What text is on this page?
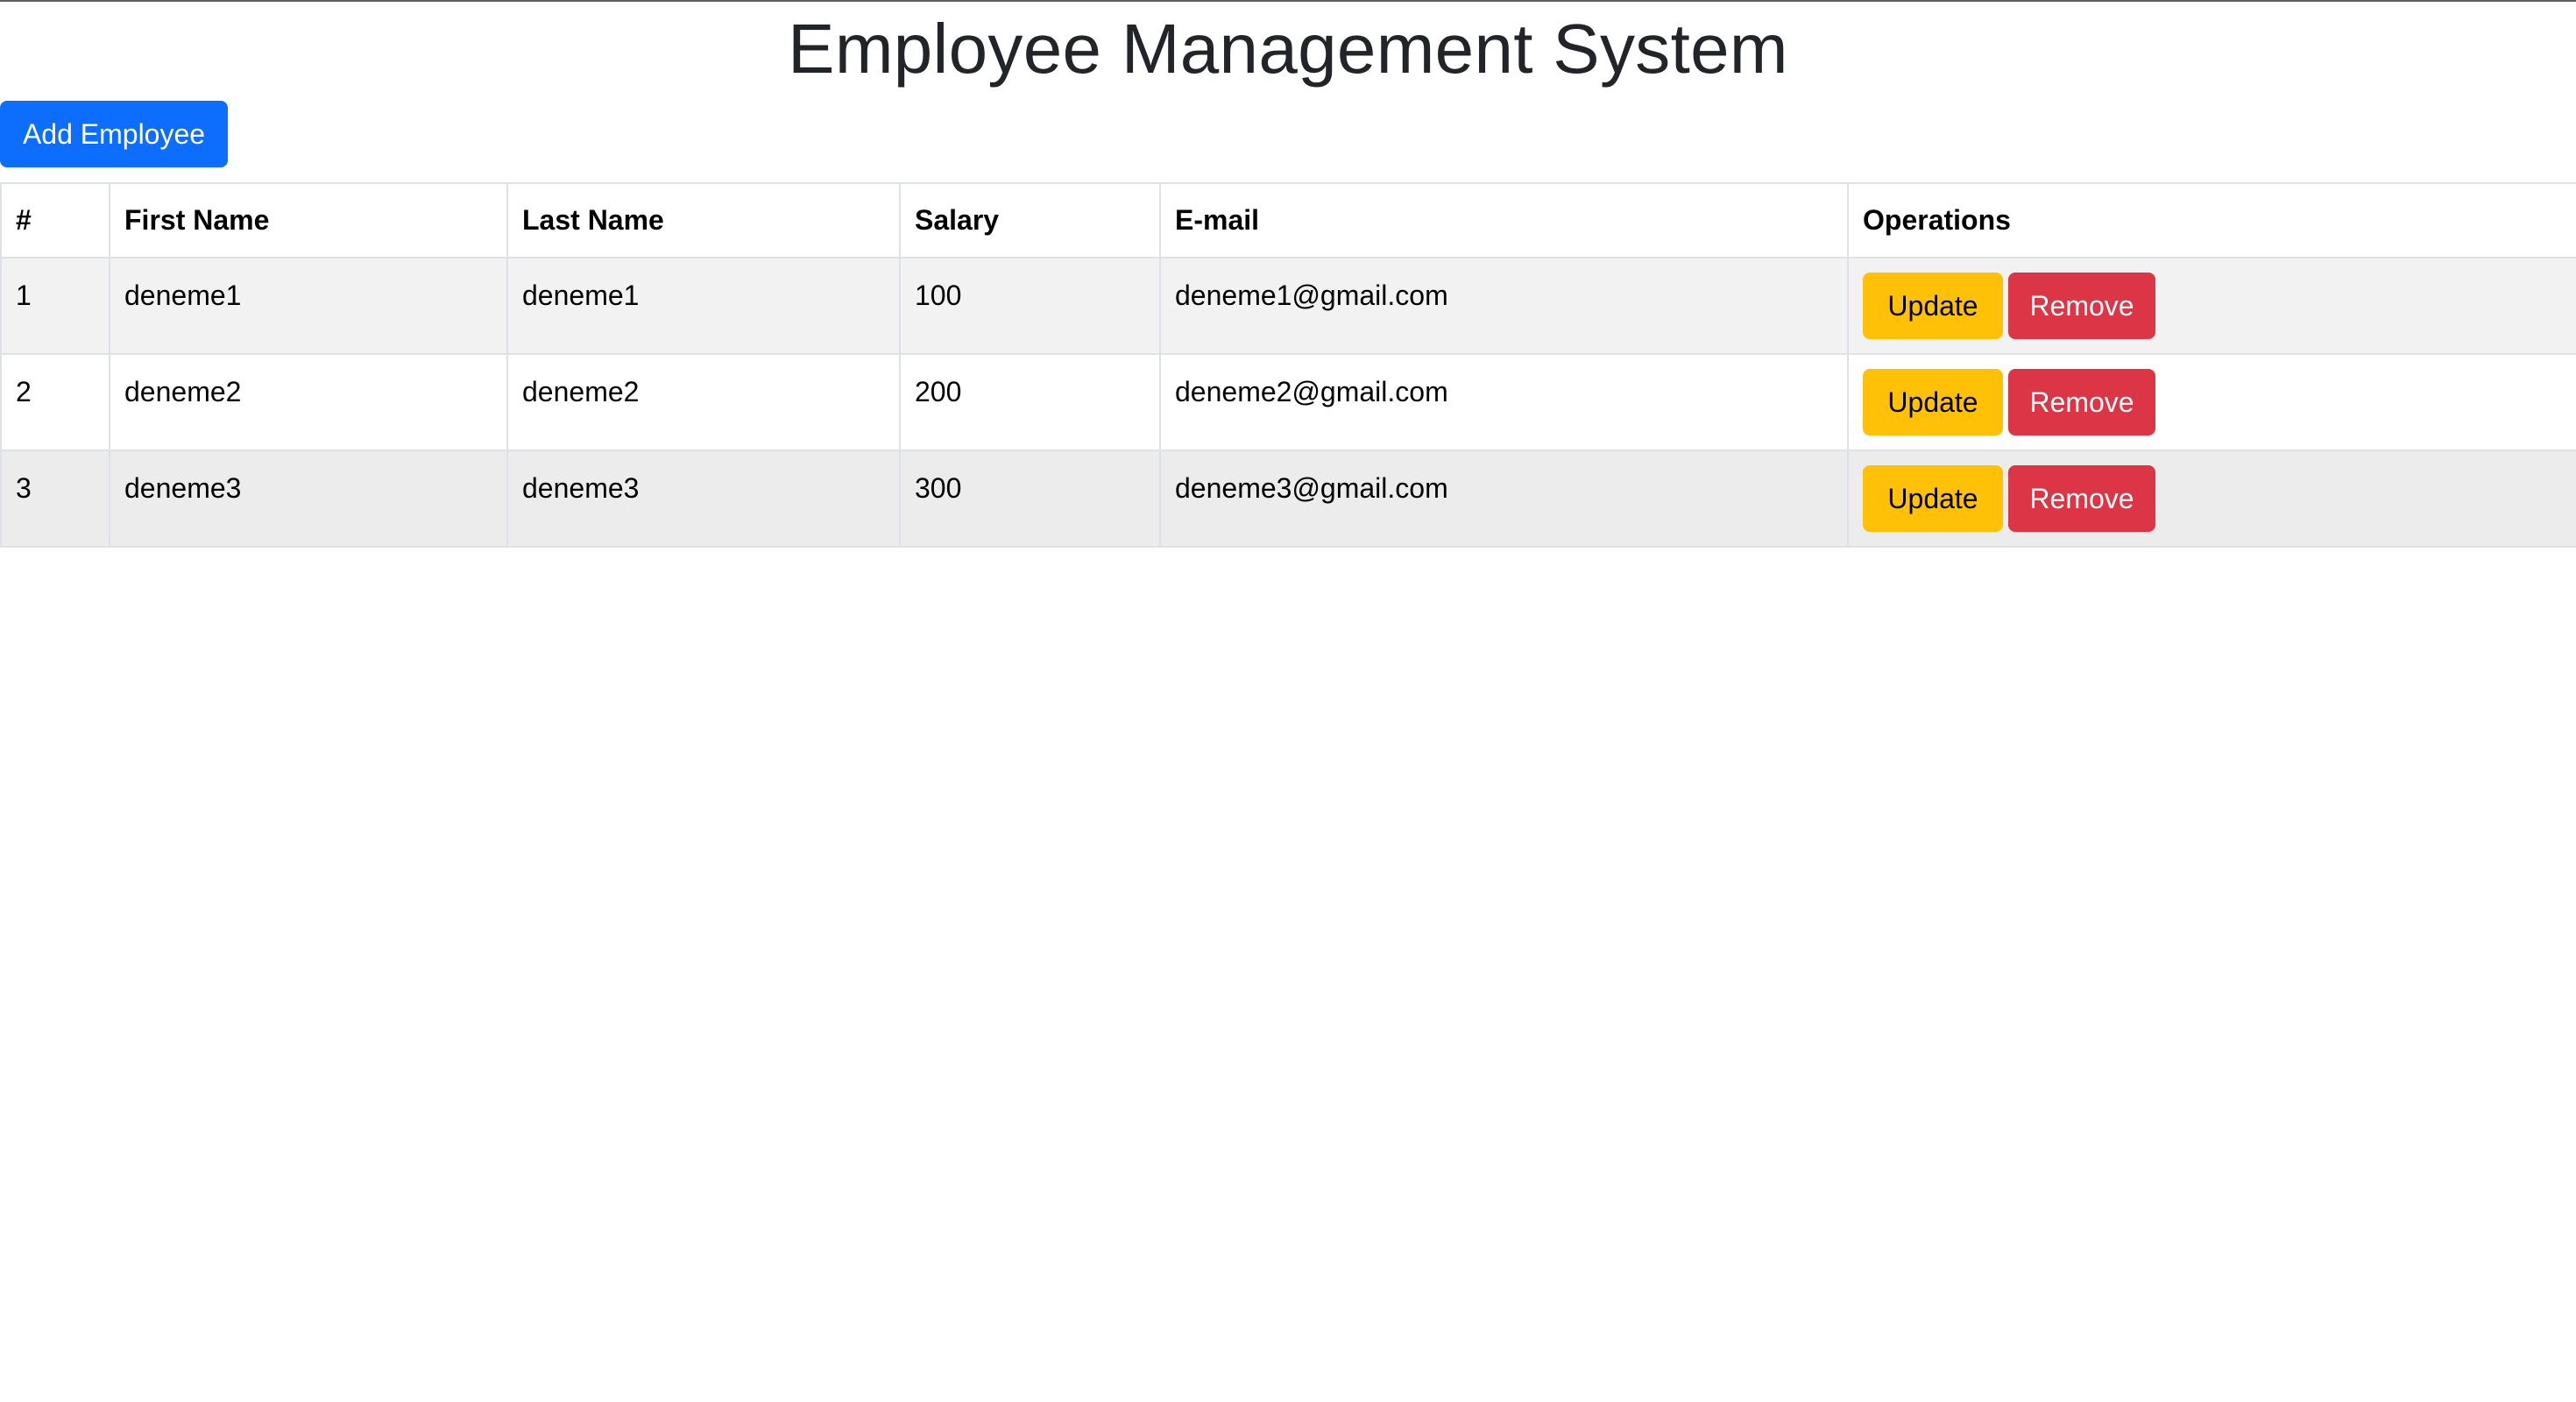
Employee Management System
Add Employee
#	First Name	Last Name	Salary	E-mail	Operations
1	deneme1	deneme1	100	deneme1@gmail.com	Update Remove
2	deneme2	deneme2	200	deneme2@gmail.com	Update Remove
3	deneme3	deneme3	300	deneme3@gmail.com	Update Remove
